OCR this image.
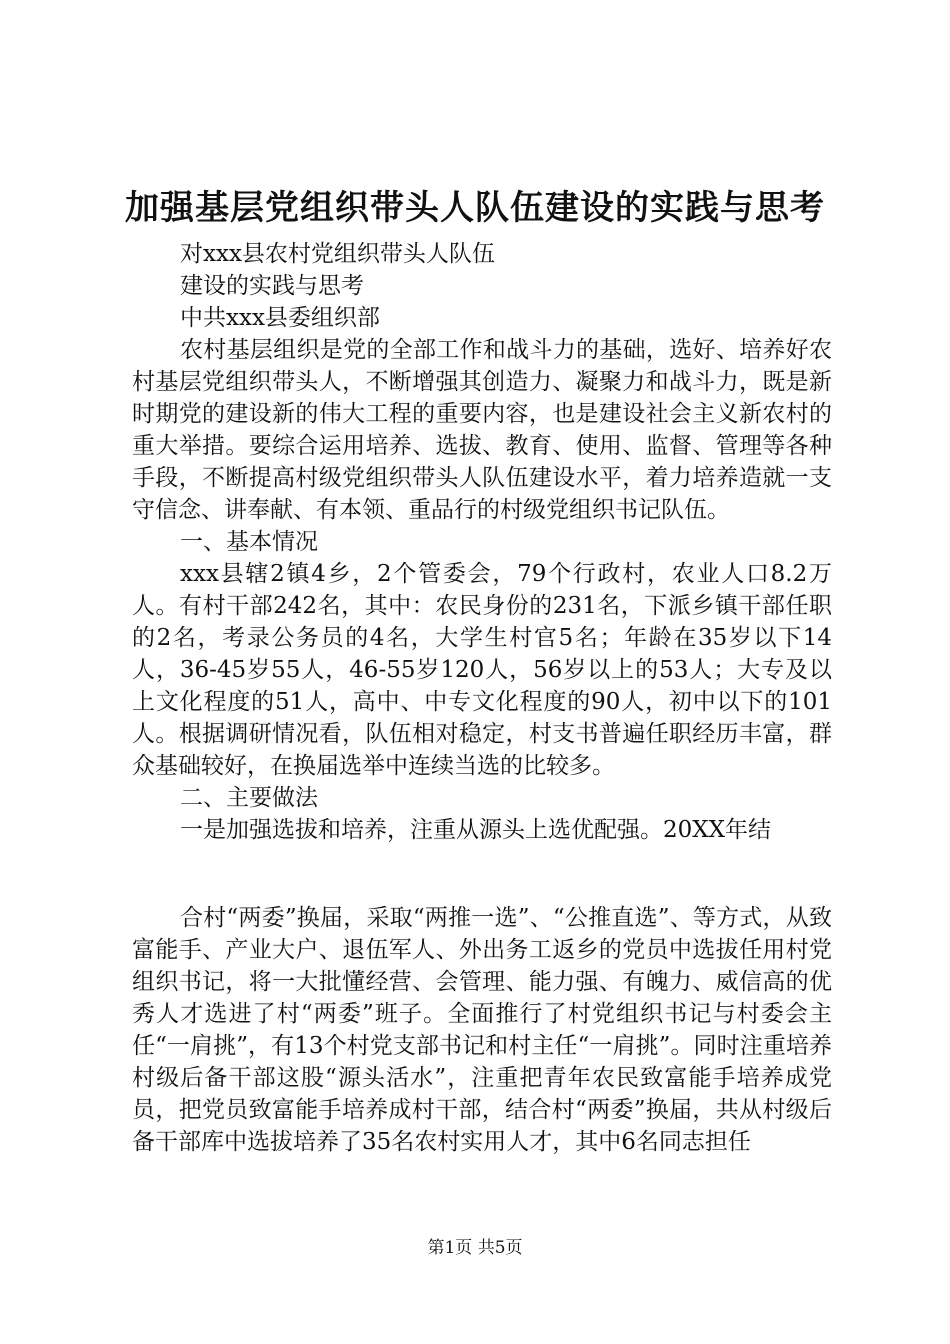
加强基层党组织带头人队伍建设的实践与思考

对xxx县农村党组织带头人队伍

建设的实践与思考

中共xxx县委组织部

农村基层组织是党的全部工作和战斗力的基础，选好、培养好农村基层党组织带头人，不断增强其创造力、凝聚力和战斗力，既是新时期党的建设新的伟大工程的重要内容，也是建设社会主义新农村的重大举措。要综合运用培养、选拔、教育、使用、监督、管理等各种手段，不断提高村级党组织带头人队伍建设水平，着力培养造就一支守信念、讲奉献、有本领、重品行的村级党组织书记队伍。

一、基本情况

xxx县辖2镇4乡，2个管委会，79个行政村，农业人口8.2万人。有村干部242名，其中：农民身份的231名，下派乡镇干部任职的2名，考录公务员的4名，大学生村官5名；年龄在35岁以下14人，36-45岁55人，46-55岁120人，56岁以上的53人；大专及以上文化程度的51人，高中、中专文化程度的90人，初中以下的101人。根据调研情况看，队伍相对稳定，村支书普遍任职经历丰富，群众基础较好，在换届选举中连续当选的比较多。

二、主要做法

一是加强选拔和培养，注重从源头上选优配强。20XX年结

合村“两委”换届，采取“两推一选”、“公推直选”、等方式，从致富能手、产业大户、退伍军人、外出务工返乡的党员中选拔任用村党组织书记，将一大批懂经营、会管理、能力强、有魄力、威信高的优秀人才选进了村“两委”班子。全面推行了村党组织书记与村委会主任“一肩挑”，有13个村党支部书记和村主任“一肩挑”。同时注重培养村级后备干部这股“源头活水”，注重把青年农民致富能手培养成党员，把党员致富能手培养成村干部，结合村“两委”换届，共从村级后备干部库中选拔培养了35名农村实用人才，其中6名同志担任

第1页 共5页
